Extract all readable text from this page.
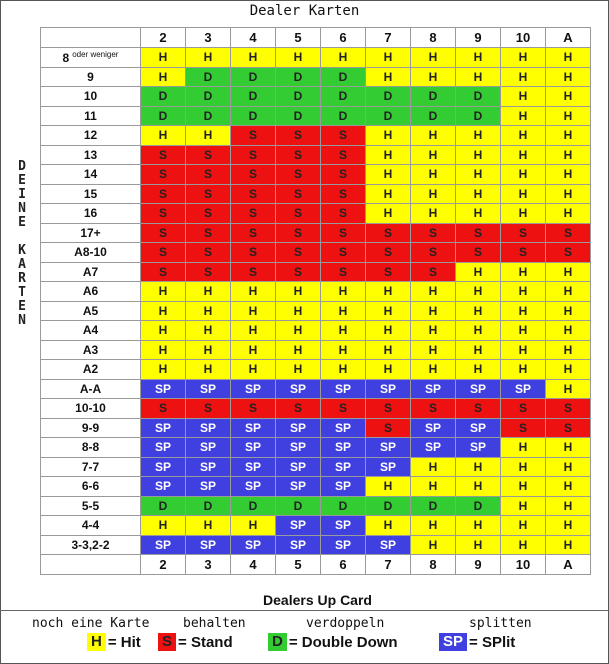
Dealer Karten
D
E
I
N
E
K
A
R
T
E
N
	2	3	4	5	6	7	8	9	10	A
8 $^{oder weniger}$	H	H	H	H	H	H	H	H	H	H
9	H	D	D	D	D	H	H	H	H	H
10	D	D	D	D	D	D	D	D	H	H
11	D	D	D	D	D	D	D	D	H	H
12	H	H	S	S	S	H	H	H	H	H
13	S	S	S	S	S	H	H	H	H	H
14	S	S	S	S	S	H	H	H	H	H
15	S	S	S	S	S	H	H	H	H	H
16	S	S	S	S	S	H	H	H	H	H
17+	S	S	S	S	S	S	S	S	S	S
A8-10	S	S	S	S	S	S	S	S	S	S
A7	S	S	S	S	S	S	S	H	H	H
A6	H	H	H	H	H	H	H	H	H	H
A5	H	H	H	H	H	H	H	H	H	H
A4	H	H	H	H	H	H	H	H	H	H
A3	H	H	H	H	H	H	H	H	H	H
A2	H	H	H	H	H	H	H	H	H	H
A-A	SP	SP	SP	SP	SP	SP	SP	SP	SP	H
10-10	S	S	S	S	S	S	S	S	S	S
9-9	SP	SP	SP	SP	SP	S	SP	SP	S	S
8-8	SP	SP	SP	SP	SP	SP	SP	SP	H	H
7-7	SP	SP	SP	SP	SP	SP	H	H	H	H
6-6	SP	SP	SP	SP	SP	H	H	H	H	H
5-5	D	D	D	D	D	D	D	D	H	H
4-4	H	H	H	SP	SP	H	H	H	H	H
3-3,2-2	SP	SP	SP	SP	SP	SP	H	H	H	H
	2	3	4	5	6	7	8	9	10	A
Dealers Up Card
noch eine Karte	behalten	verdoppeln	splitten
H = Hit S = Stand	D = Double Down	SP = SPlit
